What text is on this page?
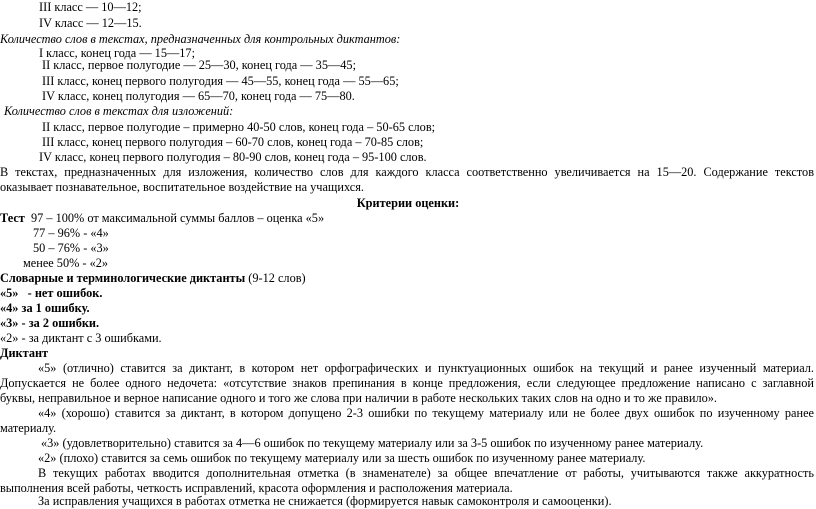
III класс — 10—12;
IV класс — 12—15.
Количество слов в текстах, предназначенных для контрольных диктантов:
I класс, конец года — 15—17;
II класс, первое полугодие — 25—30, конец года — 35—45;
III класс, конец первого полугодия — 45—55, конец года — 55—65;
IV класс, конец полугодия — 65—70, конец года — 75—80.
Количество слов в текстах для изложений:
II класс, первое полугодие – примерно 40-50 слов, конец года – 50-65 слов;
III класс, конец первого полугодия – 60-70 слов, конец года – 70-85 слов;
IV класс, конец первого полугодия – 80-90 слов, конец года – 95-100 слов.
В текстах, предназначенных для изложения, количество слов для каждого класса соответственно увеличивается на 15—20. Содержание текстов
оказывает познавательное, воспитательное воздействие на учащихся.
Критерии оценки:
Тест 97 – 100% от максимальной суммы баллов – оценка «5»
77 – 96% - «4»
50 – 76% - «3»
менее 50% - «2»
Словарные и терминологические диктанты (9-12 слов)
«5»   - нет ошибок.
«4» за 1 ошибку.
«3» - за 2 ошибки.
«2» - за диктант с 3 ошибками.
Диктант
«5» (отлично) ставится за диктант, в котором нет орфографических и пунктуационных ошибок на текущий и ранее изученный материал.
Допускается не более одного недочета: «отсутствие знаков препинания в конце предложения, если следующее предложение написано с заглавной
буквы, неправильное и верное написание одного и того же слова при наличии в работе нескольких таких слов на одно и то же правило».
«4» (хорошо) ставится за диктант, в котором допущено 2-3 ошибки по текущему материалу или не более двух ошибок по изученному ранее
материалу.
«3» (удовлетворительно) ставится за 4—6 ошибок по текущему материалу или за 3-5 ошибок по изученному ранее материалу.
«2» (плохо) ставится за семь ошибок по текущему материалу или за шесть ошибок по изученному ранее материалу.
В текущих работах вводится дополнительная отметка (в знаменателе) за общее впечатление от работы, учитываются также аккуратность
выполнения всей работы, четкость исправлений, красота оформления и расположения материала.
За исправления учащихся в работах отметка не снижается (формируется навык самоконтроля и самооценки).
